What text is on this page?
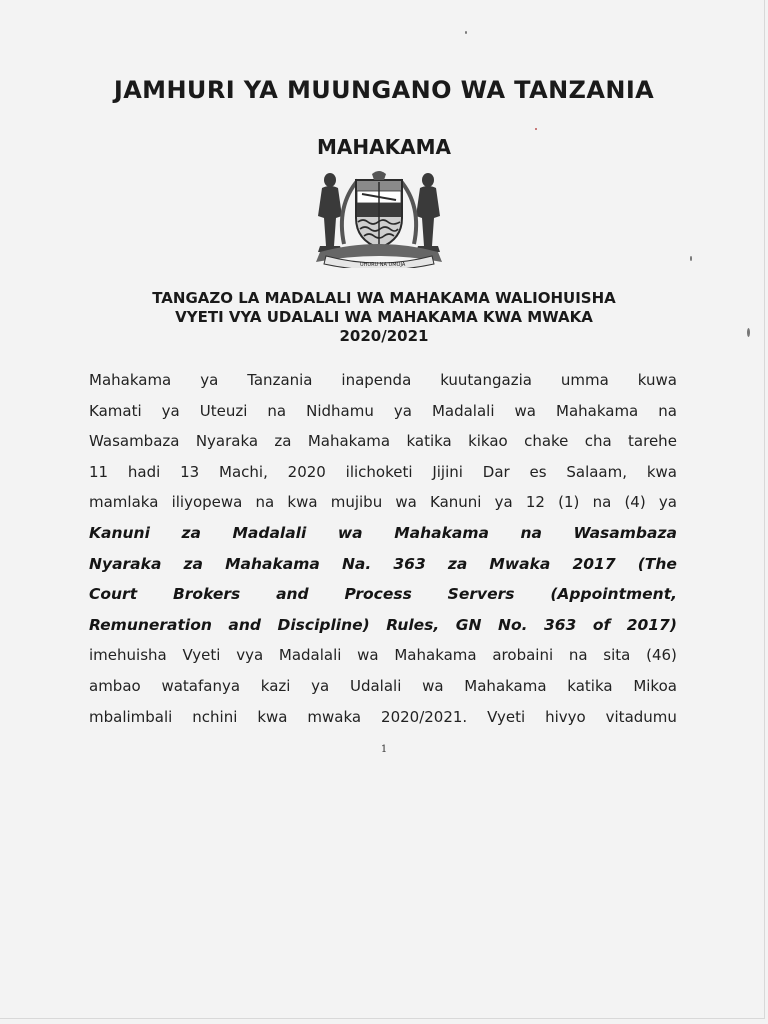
JAMHURI YA MUUNGANO WA TANZANIA
MAHAKAMA
UHURU NA UMOJA
TANGAZO LA MADALALI WA MAHAKAMA WALIOHUISHA
VYETI VYA UDALALI WA MAHAKAMA KWA MWAKA
2020/2021
Mahakama ya Tanzania inapenda kuutangazia umma kuwa
Kamati ya Uteuzi na Nidhamu ya Madalali wa Mahakama na
Wasambaza Nyaraka za Mahakama katika kikao chake cha tarehe
11 hadi 13 Machi, 2020 ilichoketi Jijini Dar es Salaam, kwa
mamlaka iliyopewa na kwa mujibu wa Kanuni ya 12 (1) na (4) ya
Kanuni za Madalali wa Mahakama na Wasambaza
Nyaraka za Mahakama Na. 363 za Mwaka 2017 (The
Court Brokers and Process Servers (Appointment,
Remuneration and Discipline) Rules, GN No. 363 of 2017)
imehuisha Vyeti vya Madalali wa Mahakama arobaini na sita (46)
ambao watafanya kazi ya Udalali wa Mahakama katika Mikoa
mbalimbali nchini kwa mwaka 2020/2021. Vyeti hivyo vitadumu
1
